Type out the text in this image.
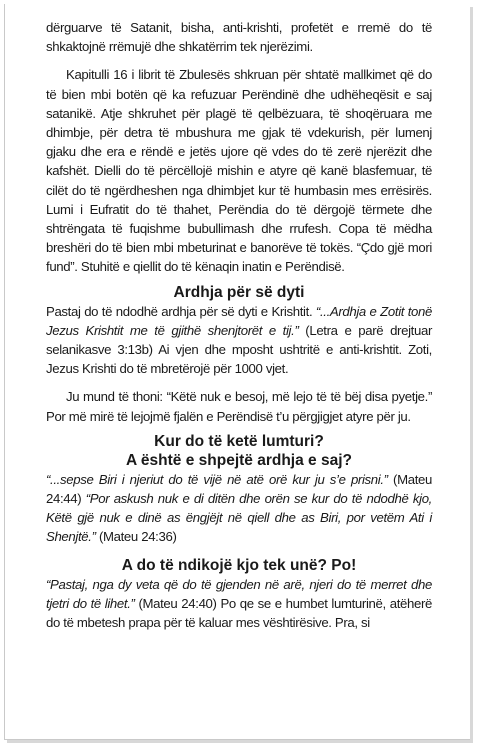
dërguarve të Satanit, bisha, anti-krishti, profetët e rremë do të shkaktojnë rrëmujë dhe shkatërrim tek njerëzimi.

Kapitulli 16 i librit të Zbulesës shkruan për shtatë mallkimet që do të bien mbi botën që ka refuzuar Perëndinë dhe udhëheqësit e saj satanikë. Atje shkruhet për plagë të qelbëzuara, të shoqëruara me dhimbje, për detra të mbushura me gjak të vdekurish, për lumenj gjaku dhe era e rëndë e jetës ujore që vdes do të zerë njerëzit dhe kafshët. Dielli do të përcëllojë mishin e atyre që kanë blasfemuar, të cilët do të ngërdheshen nga dhimbjet kur të humbasin mes errësirës. Lumi i Eufratit do të thahet, Perëndia do të dërgojë tërmete dhe shtrëngata të fuqishme bubullimash dhe rrufesh. Copa të mëdha breshëri do të bien mbi mbeturinat e banorëve të tokës. “Çdo gjë mori fund”. Stuhitë e qiellit do të kënaqin inatin e Perëndisë.

Ardhja për së dyti

Pastaj do të ndodhë ardhja për së dyti e Krishtit. “...Ardhja e Zotit tonë Jezus Krishtit me të gjithë shenjtorët e tij.” (Letra e parë drejtuar selanikasve 3:13b) Ai vjen dhe mposht ushtritë e anti-krishtit. Zoti, Jezus Krishti do të mbretërojë për 1000 vjet.

Ju mund të thoni: “Këtë nuk e besoj, më lejo të të bëj disa pyetje.” Por më mirë të lejojmë fjalën e Perëndisë t’u përgjigjet atyre për ju.

Kur do të ketë lumturi?
A është e shpejtë ardhja e saj?

“...sepse Biri i njeriut do të vijë në atë orë kur ju s’e prisni.” (Mateu 24:44) “Por askush nuk e di ditën dhe orën se kur do të ndodhë kjo, Këtë gjë nuk e dinë as ëngjëjt në qiell dhe as Biri, por vetëm Ati i Shenjtë.” (Mateu 24:36)

A do të ndikojë kjo tek unë? Po!

“Pastaj, nga dy veta që do të gjenden në arë, njeri do të merret dhe tjetri do të lihet.” (Mateu 24:40) Po qe se e humbet lumturinë, atëherë do të mbetesh prapa për të kaluar mes vështirësive. Pra, si
